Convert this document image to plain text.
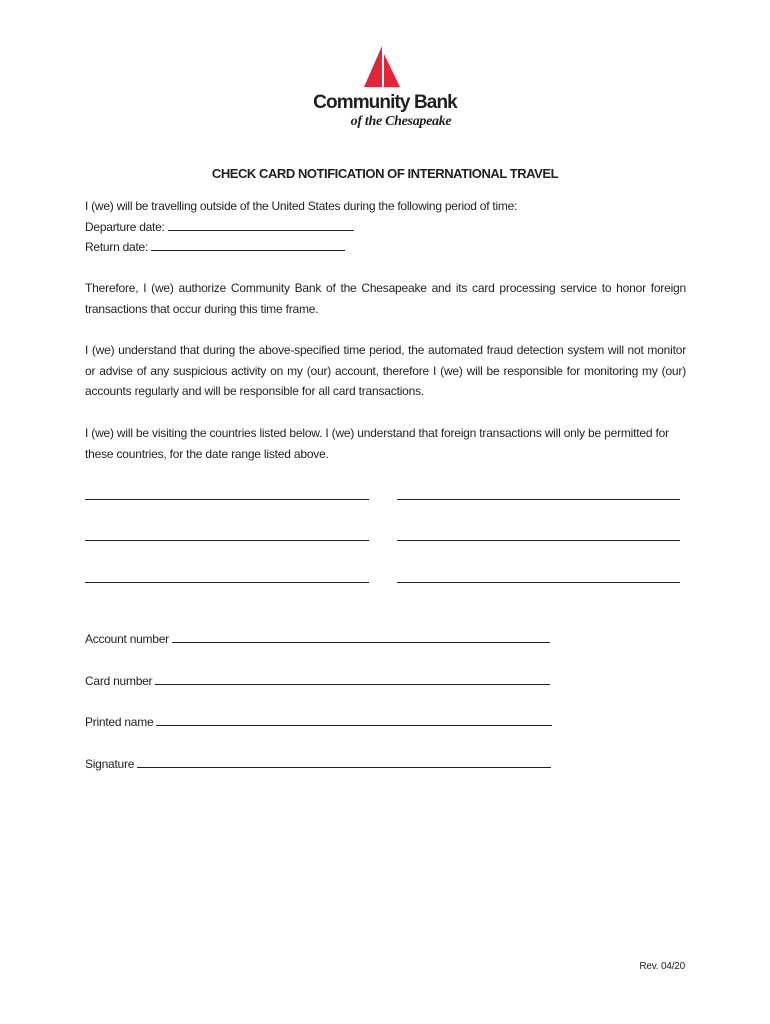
Community Bank
of the Chesapeake
CHECK CARD NOTIFICATION OF INTERNATIONAL TRAVEL
I (we) will be travelling outside of the United States during the following period of time:
Departure date:
Return date:
Therefore, I (we) authorize Community Bank of the Chesapeake and its card processing service to honor foreign transactions that occur during this time frame.
I (we) understand that during the above-specified time period, the automated fraud detection system will not monitor or advise of any suspicious activity on my (our) account, therefore I (we) will be responsible for monitoring my (our) accounts regularly and will be responsible for all card transactions.
I (we) will be visiting the countries listed below. I (we) understand that foreign transactions will only be permitted for these countries, for the date range listed above.
Account number
Card number
Printed name
Signature
Rev. 04/20
